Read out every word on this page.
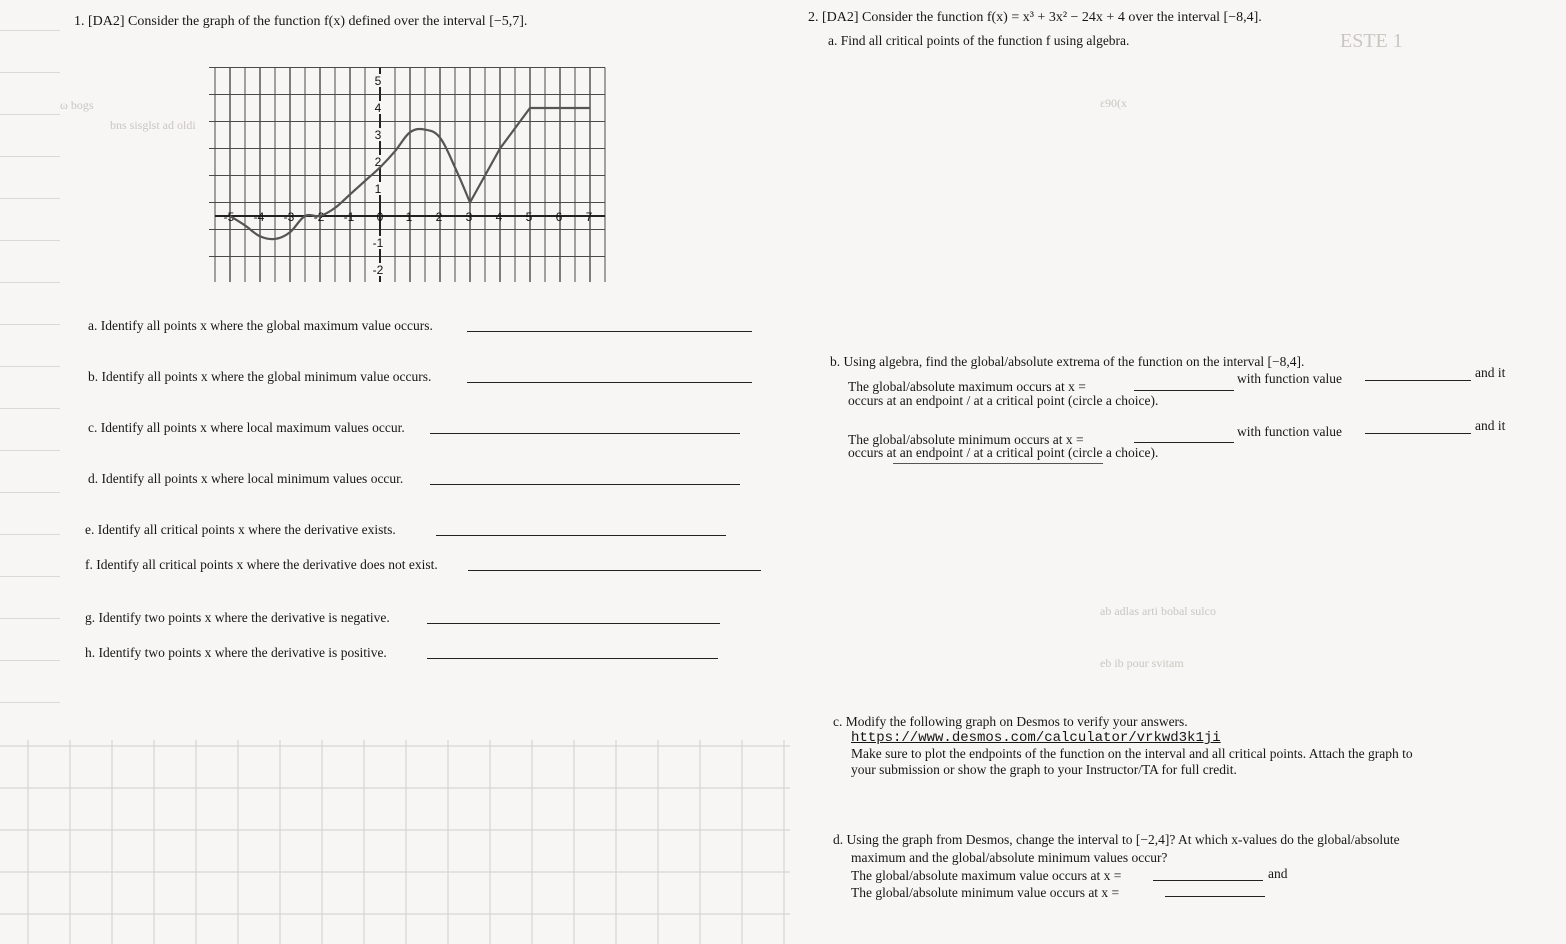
ω bogs
bns sisglst ad oldi
ESTE 1
ε90(x
ab adlas arti bobal sulco
eb ib pour svitam
1. [DA2] Consider the graph of the function f(x) defined over the interval [−5,7].
-5 -4 -3 -2 -1 0 1 2 3 4 5 6 7
-2
-1
1
2
3
4
5
a. Identify all points x where the global maximum value occurs.
b. Identify all points x where the global minimum value occurs.
c. Identify all points x where local maximum values occur.
d. Identify all points x where local minimum values occur.
e. Identify all critical points x where the derivative exists.
f. Identify all critical points x where the derivative does not exist.
g. Identify two points x where the derivative is negative.
h. Identify two points x where the derivative is positive.
2. [DA2] Consider the function f(x) = x³ + 3x² − 24x + 4 over the interval [−8,4].
a. Find all critical points of the function f using algebra.
b. Using algebra, find the global/absolute extrema of the function on the interval [−8,4].
The global/absolute maximum occurs at x =
with function value	and it
occurs at an endpoint / at a critical point (circle a choice).
The global/absolute minimum occurs at x =
with function value	and it
occurs at an endpoint / at a critical point (circle a choice).
c. Modify the following graph on Desmos to verify your answers.
https://www.desmos.com/calculator/vrkwd3k1ji
Make sure to plot the endpoints of the function on the interval and all critical points. Attach the graph to
your submission or show the graph to your Instructor/TA for full credit.
d. Using the graph from Desmos, change the interval to [−2,4]? At which x-values do the global/absolute
maximum and the global/absolute minimum values occur?
The global/absolute maximum value occurs at x =	and
The global/absolute minimum value occurs at x =
